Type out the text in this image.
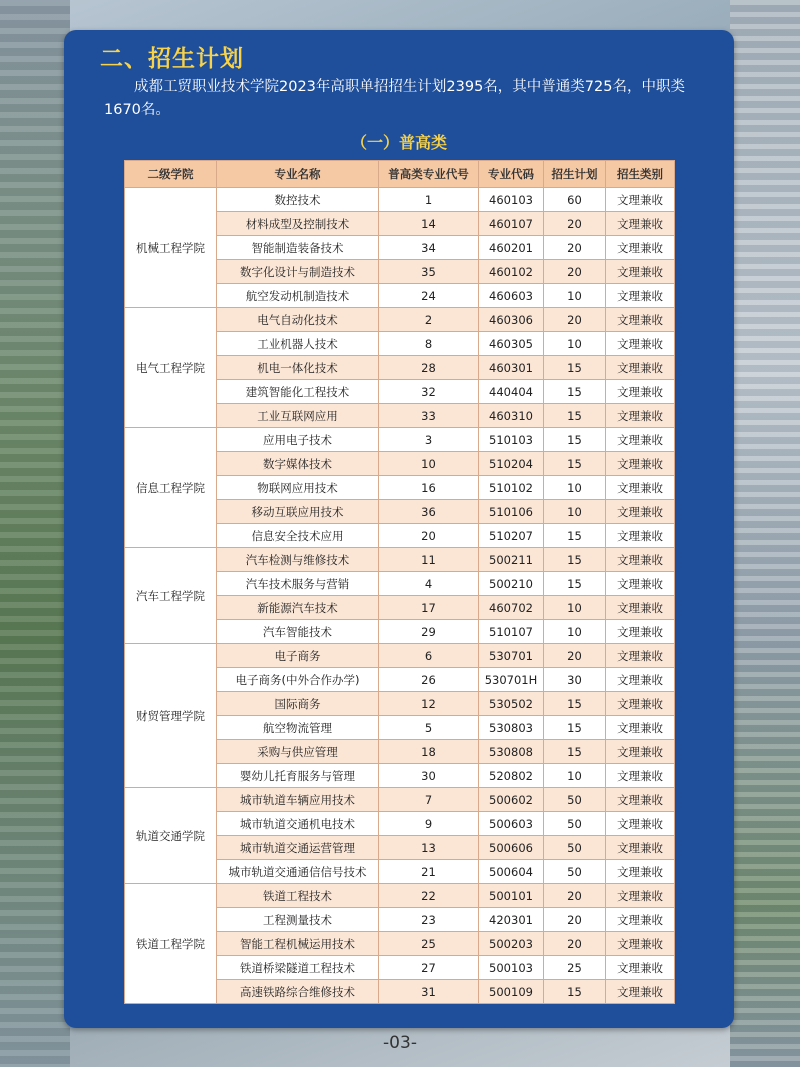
二、招生计划
成都工贸职业技术学院2023年高职单招招生计划2395名，其中普通类725名，中职类1670名。
（一）普高类
二级学院	专业名称	普高类专业代号	专业代码	招生计划	招生类别
机械工程学院	数控技术	1	460103	60	文理兼收
	材料成型及控制技术	14	460107	20	文理兼收
	智能制造装备技术	34	460201	20	文理兼收
	数字化设计与制造技术	35	460102	20	文理兼收
	航空发动机制造技术	24	460603	10	文理兼收
电气工程学院	电气自动化技术	2	460306	20	文理兼收
	工业机器人技术	8	460305	10	文理兼收
	机电一体化技术	28	460301	15	文理兼收
	建筑智能化工程技术	32	440404	15	文理兼收
	工业互联网应用	33	460310	15	文理兼收
信息工程学院	应用电子技术	3	510103	15	文理兼收
	数字媒体技术	10	510204	15	文理兼收
	物联网应用技术	16	510102	10	文理兼收
	移动互联应用技术	36	510106	10	文理兼收
	信息安全技术应用	20	510207	15	文理兼收
汽车工程学院	汽车检测与维修技术	11	500211	15	文理兼收
	汽车技术服务与营销	4	500210	15	文理兼收
	新能源汽车技术	17	460702	10	文理兼收
	汽车智能技术	29	510107	10	文理兼收
财贸管理学院	电子商务	6	530701	20	文理兼收
	电子商务(中外合作办学)	26	530701H	30	文理兼收
	国际商务	12	530502	15	文理兼收
	航空物流管理	5	530803	15	文理兼收
	采购与供应管理	18	530808	15	文理兼收
	婴幼儿托育服务与管理	30	520802	10	文理兼收
轨道交通学院	城市轨道车辆应用技术	7	500602	50	文理兼收
	城市轨道交通机电技术	9	500603	50	文理兼收
	城市轨道交通运营管理	13	500606	50	文理兼收
	城市轨道交通通信信号技术	21	500604	50	文理兼收
铁道工程学院	铁道工程技术	22	500101	20	文理兼收
	工程测量技术	23	420301	20	文理兼收
	智能工程机械运用技术	25	500203	20	文理兼收
	铁道桥梁隧道工程技术	27	500103	25	文理兼收
	高速铁路综合维修技术	31	500109	15	文理兼收
-03-
